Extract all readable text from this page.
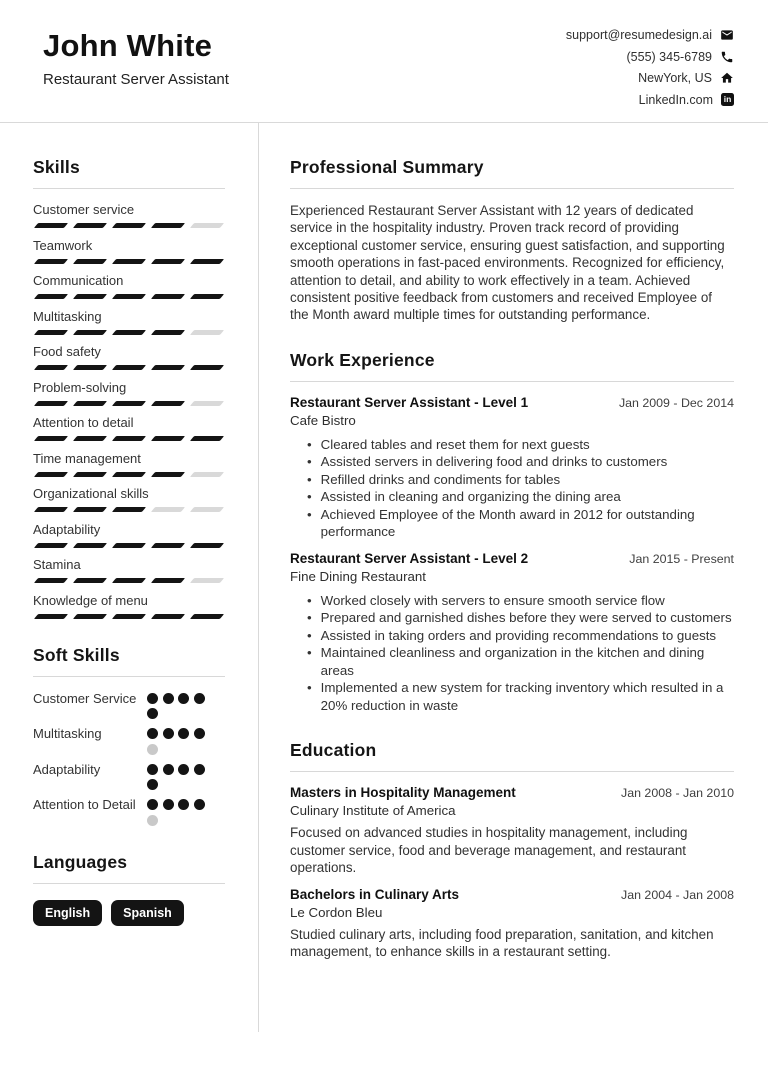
John White
Restaurant Server Assistant
support@resumedesign.ai
(555) 345-6789
NewYork, US
LinkedIn.com	in
Skills
Customer service
Teamwork
Communication
Multitasking
Food safety
Problem-solving
Attention to detail
Time management
Organizational skills
Adaptability
Stamina
Knowledge of menu
Soft Skills
Customer Service
Multitasking
Adaptability
Attention to Detail
Languages
English	Spanish
Professional Summary

Experienced Restaurant Server Assistant with 12 years of dedicated service in the hospitality industry. Proven track record of providing exceptional customer service, ensuring guest satisfaction, and supporting smooth operations in fast-paced environments. Recognized for efficiency, attention to detail, and ability to work effectively in a team. Achieved consistent positive feedback from customers and received Employee of the Month award multiple times for outstanding performance.

Work Experience
Restaurant Server Assistant - Level 1	Jan 2009 - Dec 2014
Cafe Bistro
• Cleared tables and reset them for next guests
• Assisted servers in delivering food and drinks to customers
• Refilled drinks and condiments for tables
• Assisted in cleaning and organizing the dining area
• Achieved Employee of the Month award in 2012 for outstanding performance
Restaurant Server Assistant - Level 2	Jan 2015 - Present
Fine Dining Restaurant
• Worked closely with servers to ensure smooth service flow
• Prepared and garnished dishes before they were served to customers
• Assisted in taking orders and providing recommendations to guests
• Maintained cleanliness and organization in the kitchen and dining areas
• Implemented a new system for tracking inventory which resulted in a 20% reduction in waste
Education
Masters in Hospitality Management	Jan 2008 - Jan 2010
Culinary Institute of America

Focused on advanced studies in hospitality management, including customer service, food and beverage management, and restaurant operations.

Bachelors in Culinary Arts	Jan 2004 - Jan 2008
Le Cordon Bleu

Studied culinary arts, including food preparation, sanitation, and kitchen management, to enhance skills in a restaurant setting.
